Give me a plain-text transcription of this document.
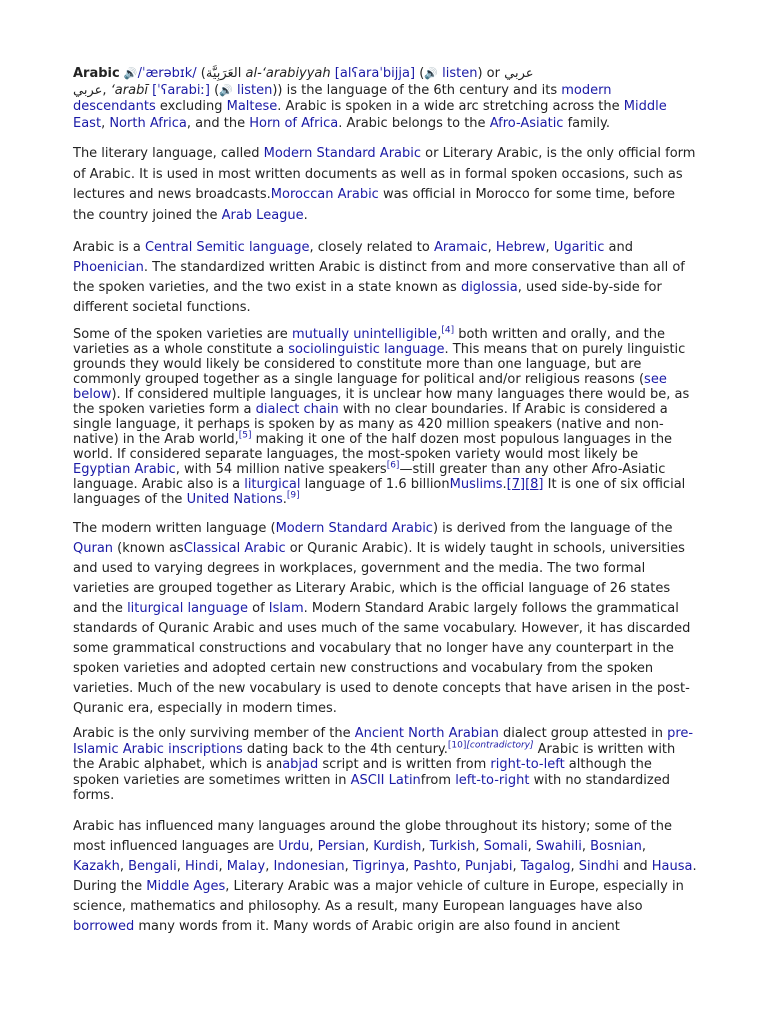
Arabic 🔊/ˈærəbɪk/ (العَرَبِيَّة al-ʻarabiyyah [alʕaraˈbijja] (🔊 listen) or عربي
عربي, ʻarabī [ˈʕarabiː] (🔊 listen)) is the language of the 6th century and its modern descendants excluding Maltese. Arabic is spoken in a wide arc stretching across the Middle East, North Africa, and the Horn of Africa. Arabic belongs to the Afro-Asiatic family.

The literary language, called Modern Standard Arabic or Literary Arabic, is the only official form of Arabic. It is used in most written documents as well as in formal spoken occasions, such as lectures and news broadcasts.Moroccan Arabic was official in Morocco for some time, before the country joined the Arab League.

Arabic is a Central Semitic language, closely related to Aramaic, Hebrew, Ugaritic and Phoenician. The standardized written Arabic is distinct from and more conservative than all of the spoken varieties, and the two exist in a state known as diglossia, used side-by-side for different societal functions.

Some of the spoken varieties are mutually unintelligible,[4] both written and orally, and the varieties as a whole constitute a sociolinguistic language. This means that on purely linguistic grounds they would likely be considered to constitute more than one language, but are commonly grouped together as a single language for political and/or religious reasons (see below). If considered multiple languages, it is unclear how many languages there would be, as the spoken varieties form a dialect chain with no clear boundaries. If Arabic is considered a single language, it perhaps is spoken by as many as 420 million speakers (native and non-native) in the Arab world,[5] making it one of the half dozen most populous languages in the world. If considered separate languages, the most-spoken variety would most likely be Egyptian Arabic, with 54 million native speakers[6]—still greater than any other Afro-Asiatic language. Arabic also is a liturgical language of 1.6 billionMuslims.[7][8] It is one of six official languages of the United Nations.[9]

The modern written language (Modern Standard Arabic) is derived from the language of the Quran (known asClassical Arabic or Quranic Arabic). It is widely taught in schools, universities and used to varying degrees in workplaces, government and the media. The two formal varieties are grouped together as Literary Arabic, which is the official language of 26 states and the liturgical language of Islam. Modern Standard Arabic largely follows the grammatical standards of Quranic Arabic and uses much of the same vocabulary. However, it has discarded some grammatical constructions and vocabulary that no longer have any counterpart in the spoken varieties and adopted certain new constructions and vocabulary from the spoken varieties. Much of the new vocabulary is used to denote concepts that have arisen in the post-Quranic era, especially in modern times.

Arabic is the only surviving member of the Ancient North Arabian dialect group attested in pre-Islamic Arabic inscriptions dating back to the 4th century.[10][contradictory] Arabic is written with the Arabic alphabet, which is anabjad script and is written from right-to-left although the spoken varieties are sometimes written in ASCII Latinfrom left-to-right with no standardized forms.

Arabic has influenced many languages around the globe throughout its history; some of the most influenced languages are Urdu, Persian, Kurdish, Turkish, Somali, Swahili, Bosnian, Kazakh, Bengali, Hindi, Malay, Indonesian, Tigrinya, Pashto, Punjabi, Tagalog, Sindhi and Hausa. During the Middle Ages, Literary Arabic was a major vehicle of culture in Europe, especially in science, mathematics and philosophy. As a result, many European languages have also borrowed many words from it. Many words of Arabic origin are also found in ancient
